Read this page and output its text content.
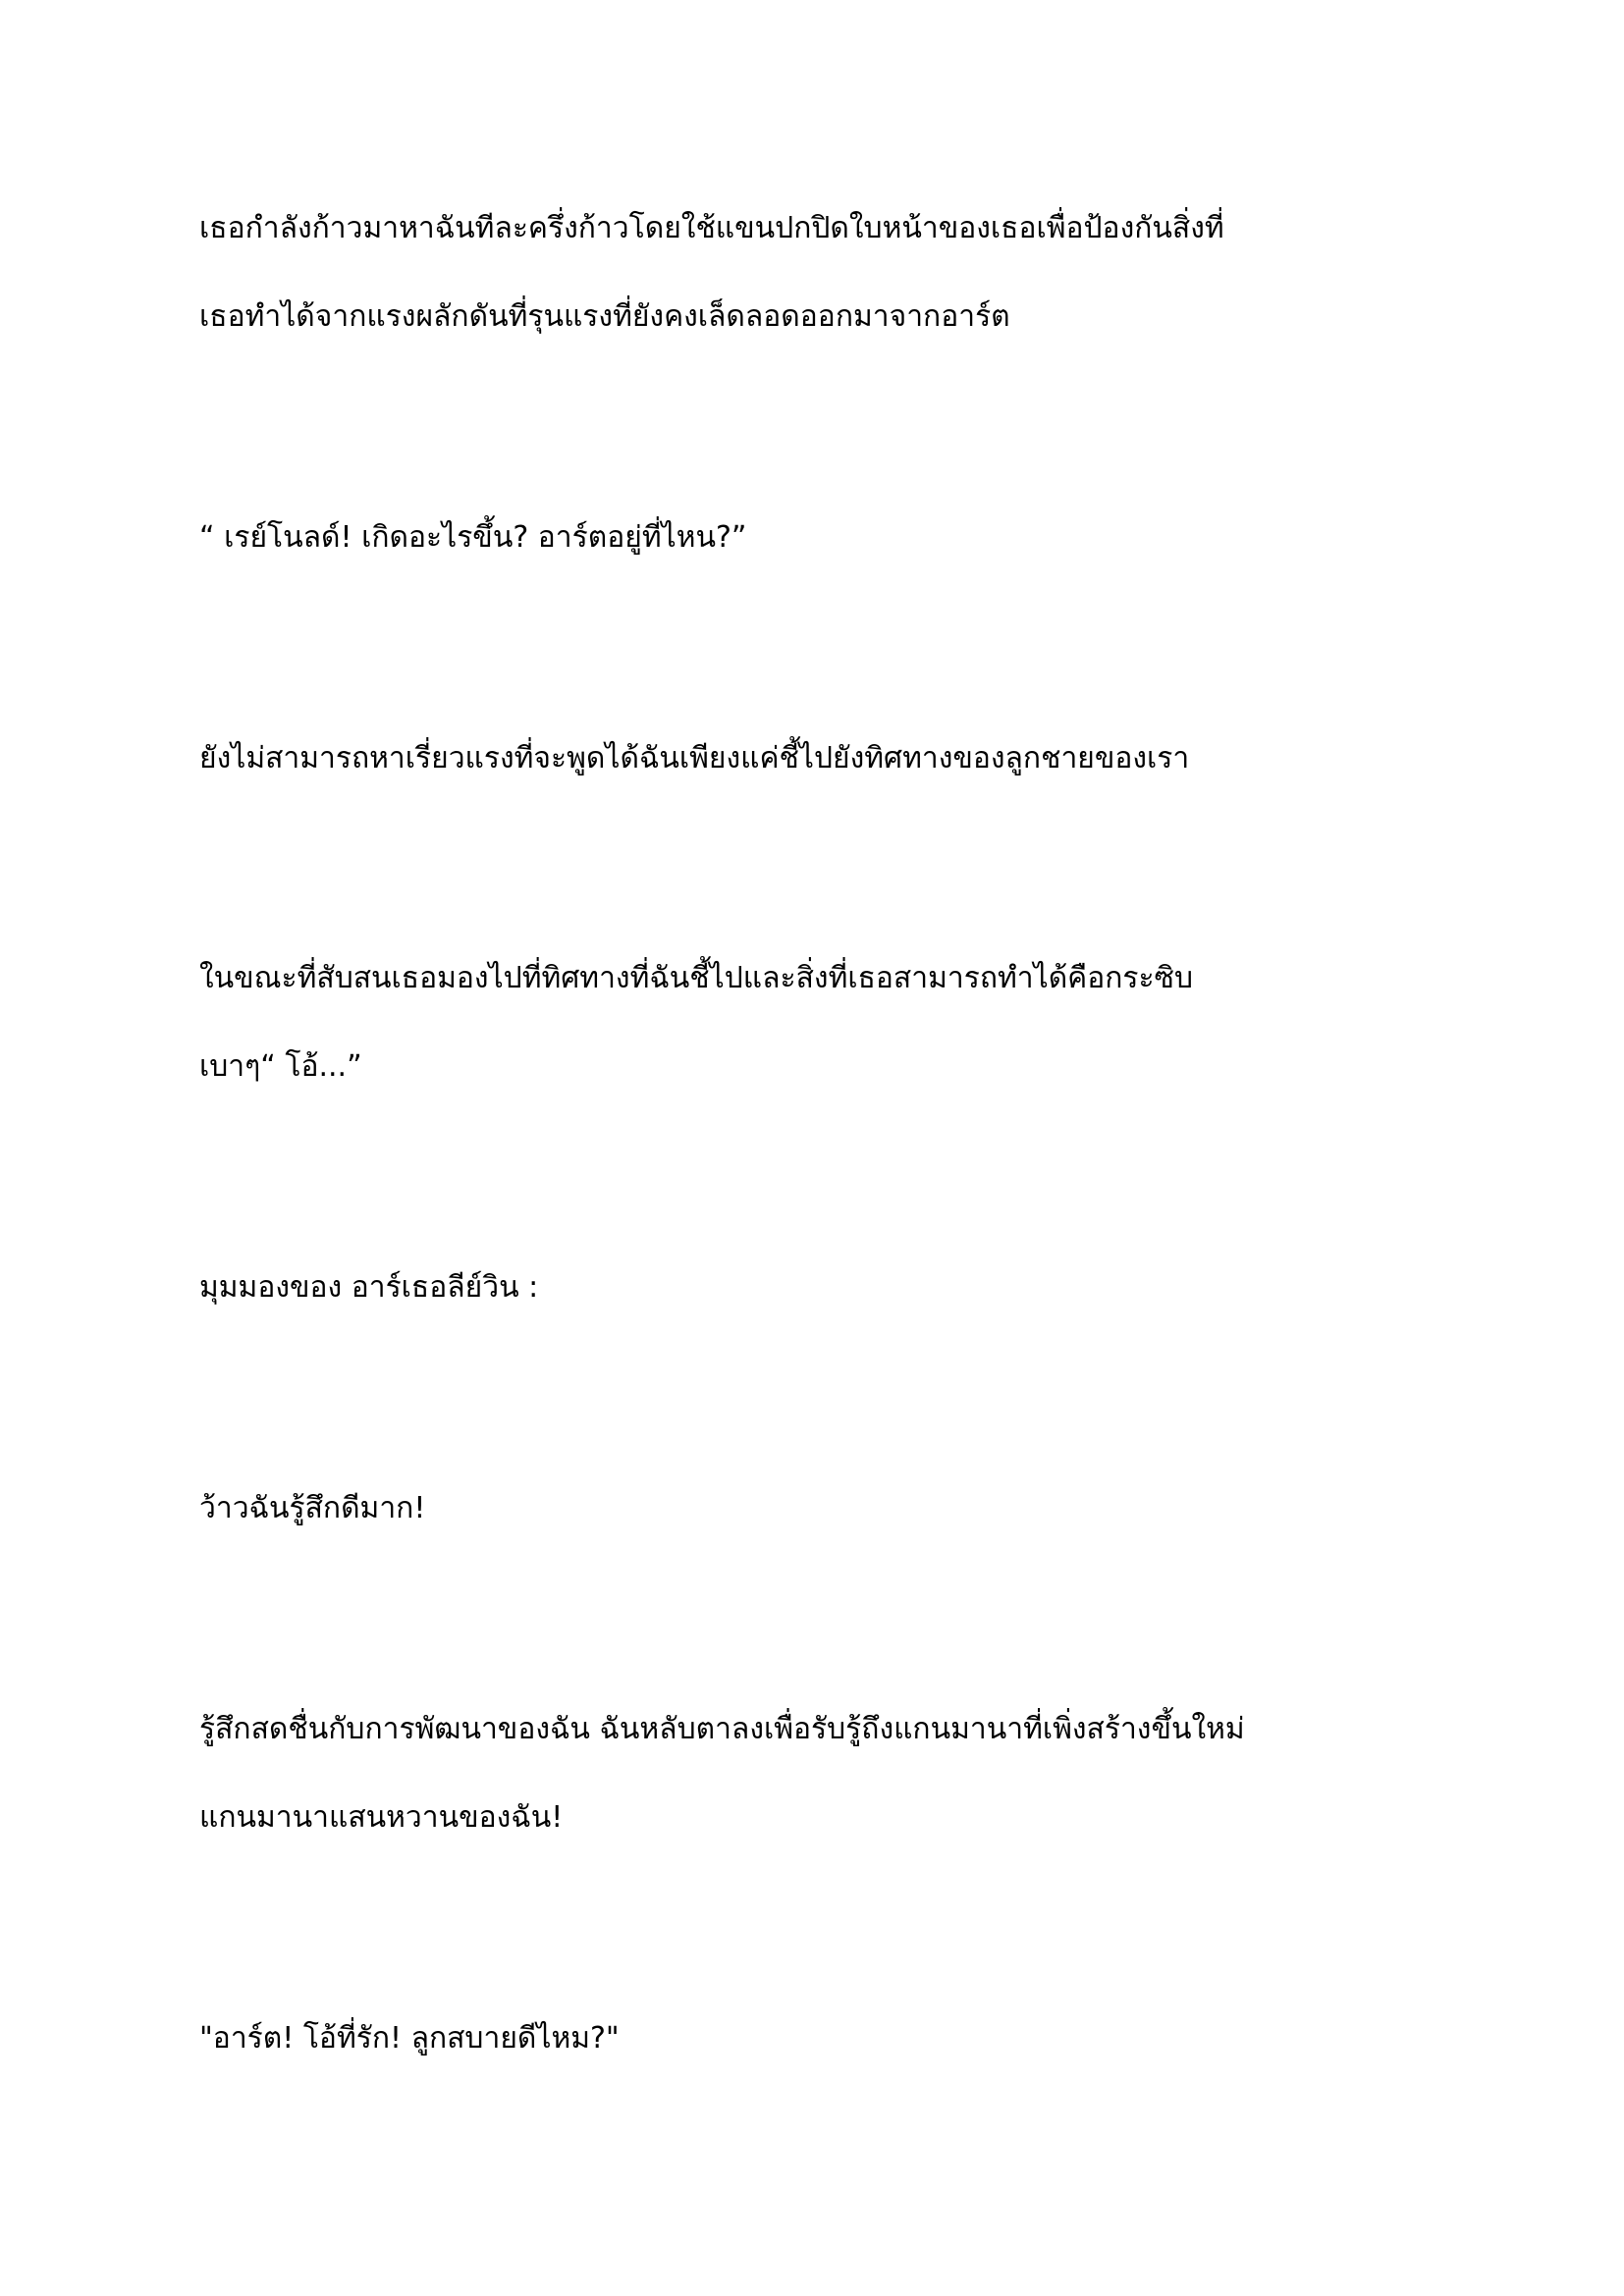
เธอกำลังก้าวมาหาฉันทีละครึ่งก้าวโดยใช้แขนปกปิดใบหน้าของเธอเพื่อป้องกันสิ่งที่

เธอทำได้จากแรงผลักดันที่รุนแรงที่ยังคงเล็ดลอดออกมาจากอาร์ต

“ เรย์โนลด์! เกิดอะไรขึ้น? อาร์ตอยู่ที่ไหน?”

ยังไม่สามารถหาเรี่ยวแรงที่จะพูดได้ฉันเพียงแค่ชี้ไปยังทิศทางของลูกชายของเรา

ในขณะที่สับสนเธอมองไปที่ทิศทางที่ฉันชี้ไปและสิ่งที่เธอสามารถทำได้คือกระซิบ

เบาๆ“ โอ้...”

มุมมองของ อาร์เธอลีย์วิน :

ว้าวฉันรู้สึกดีมาก!

รู้สึกสดชื่นกับการพัฒนาของฉัน ฉันหลับตาลงเพื่อรับรู้ถึงแกนมานาที่เพิ่งสร้างขึ้นใหม่

แกนมานาแสนหวานของฉัน!

"อาร์ต! โอ้ที่รัก! ลูกสบายดีไหม?"
